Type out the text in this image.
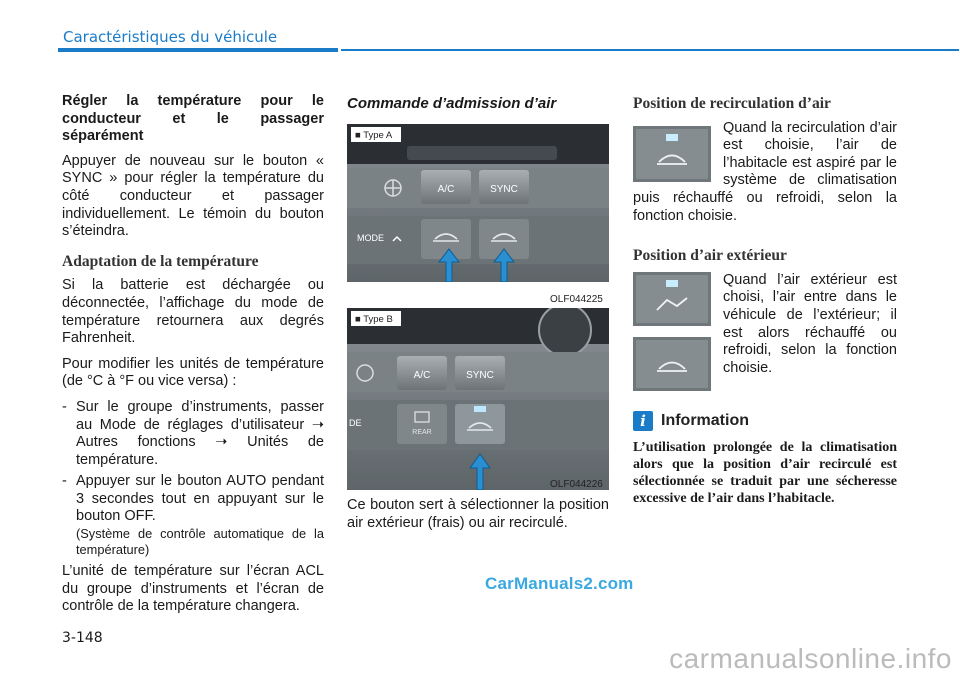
Caractéristiques du véhicule
Régler la température pour le conducteur et le passager séparément
Appuyer de nouveau sur le bouton « SYNC » pour régler la température du côté conducteur et passager individuellement. Le témoin du bouton s’éteindra.
Adaptation de la température
Si la batterie est déchargée ou déconnectée, l’affichage du mode de température retournera aux degrés Fahrenheit.
Pour modifier les unités de température (de °C à °F ou vice versa) :
- Sur le groupe d’instruments, passer au Mode de réglages d’utilisateur ➝ Autres fonctions ➝ Unités de température.
- Appuyer sur le bouton AUTO pendant 3 secondes tout en appuyant sur le bouton OFF.
(Système de contrôle automatique de la température)
L’unité de température sur l’écran ACL du groupe d’instruments et l’écran de contrôle de la température changera.
Commande d’admission d’air
A/C	SYNC
MODE
■ Type A
OLF044225
A/C	SYNC
DE
REAR
■ Type B
OLF044226
Ce bouton sert à sélectionner la position air extérieur (frais) ou air recirculé.
Position de recirculation d’air
Quand la recirculation d’air est choisie, l’air de l’habitacle est aspiré par le système de climatisation puis réchauffé ou refroidi, selon la fonction choisie.
Position d’air extérieur

Quand l’air extérieur est choisi, l’air entre dans le véhicule de l’extérieur; il est alors réchauffé ou refroidi, selon la fonction choisie.
i Information
L’utilisation prolongée de la climatisation alors que la position d’air recirculé est sélectionnée se traduit par une sécheresse excessive de l’air dans l’habitacle.
CarManuals2.com
3-148
carmanualsonline.info
